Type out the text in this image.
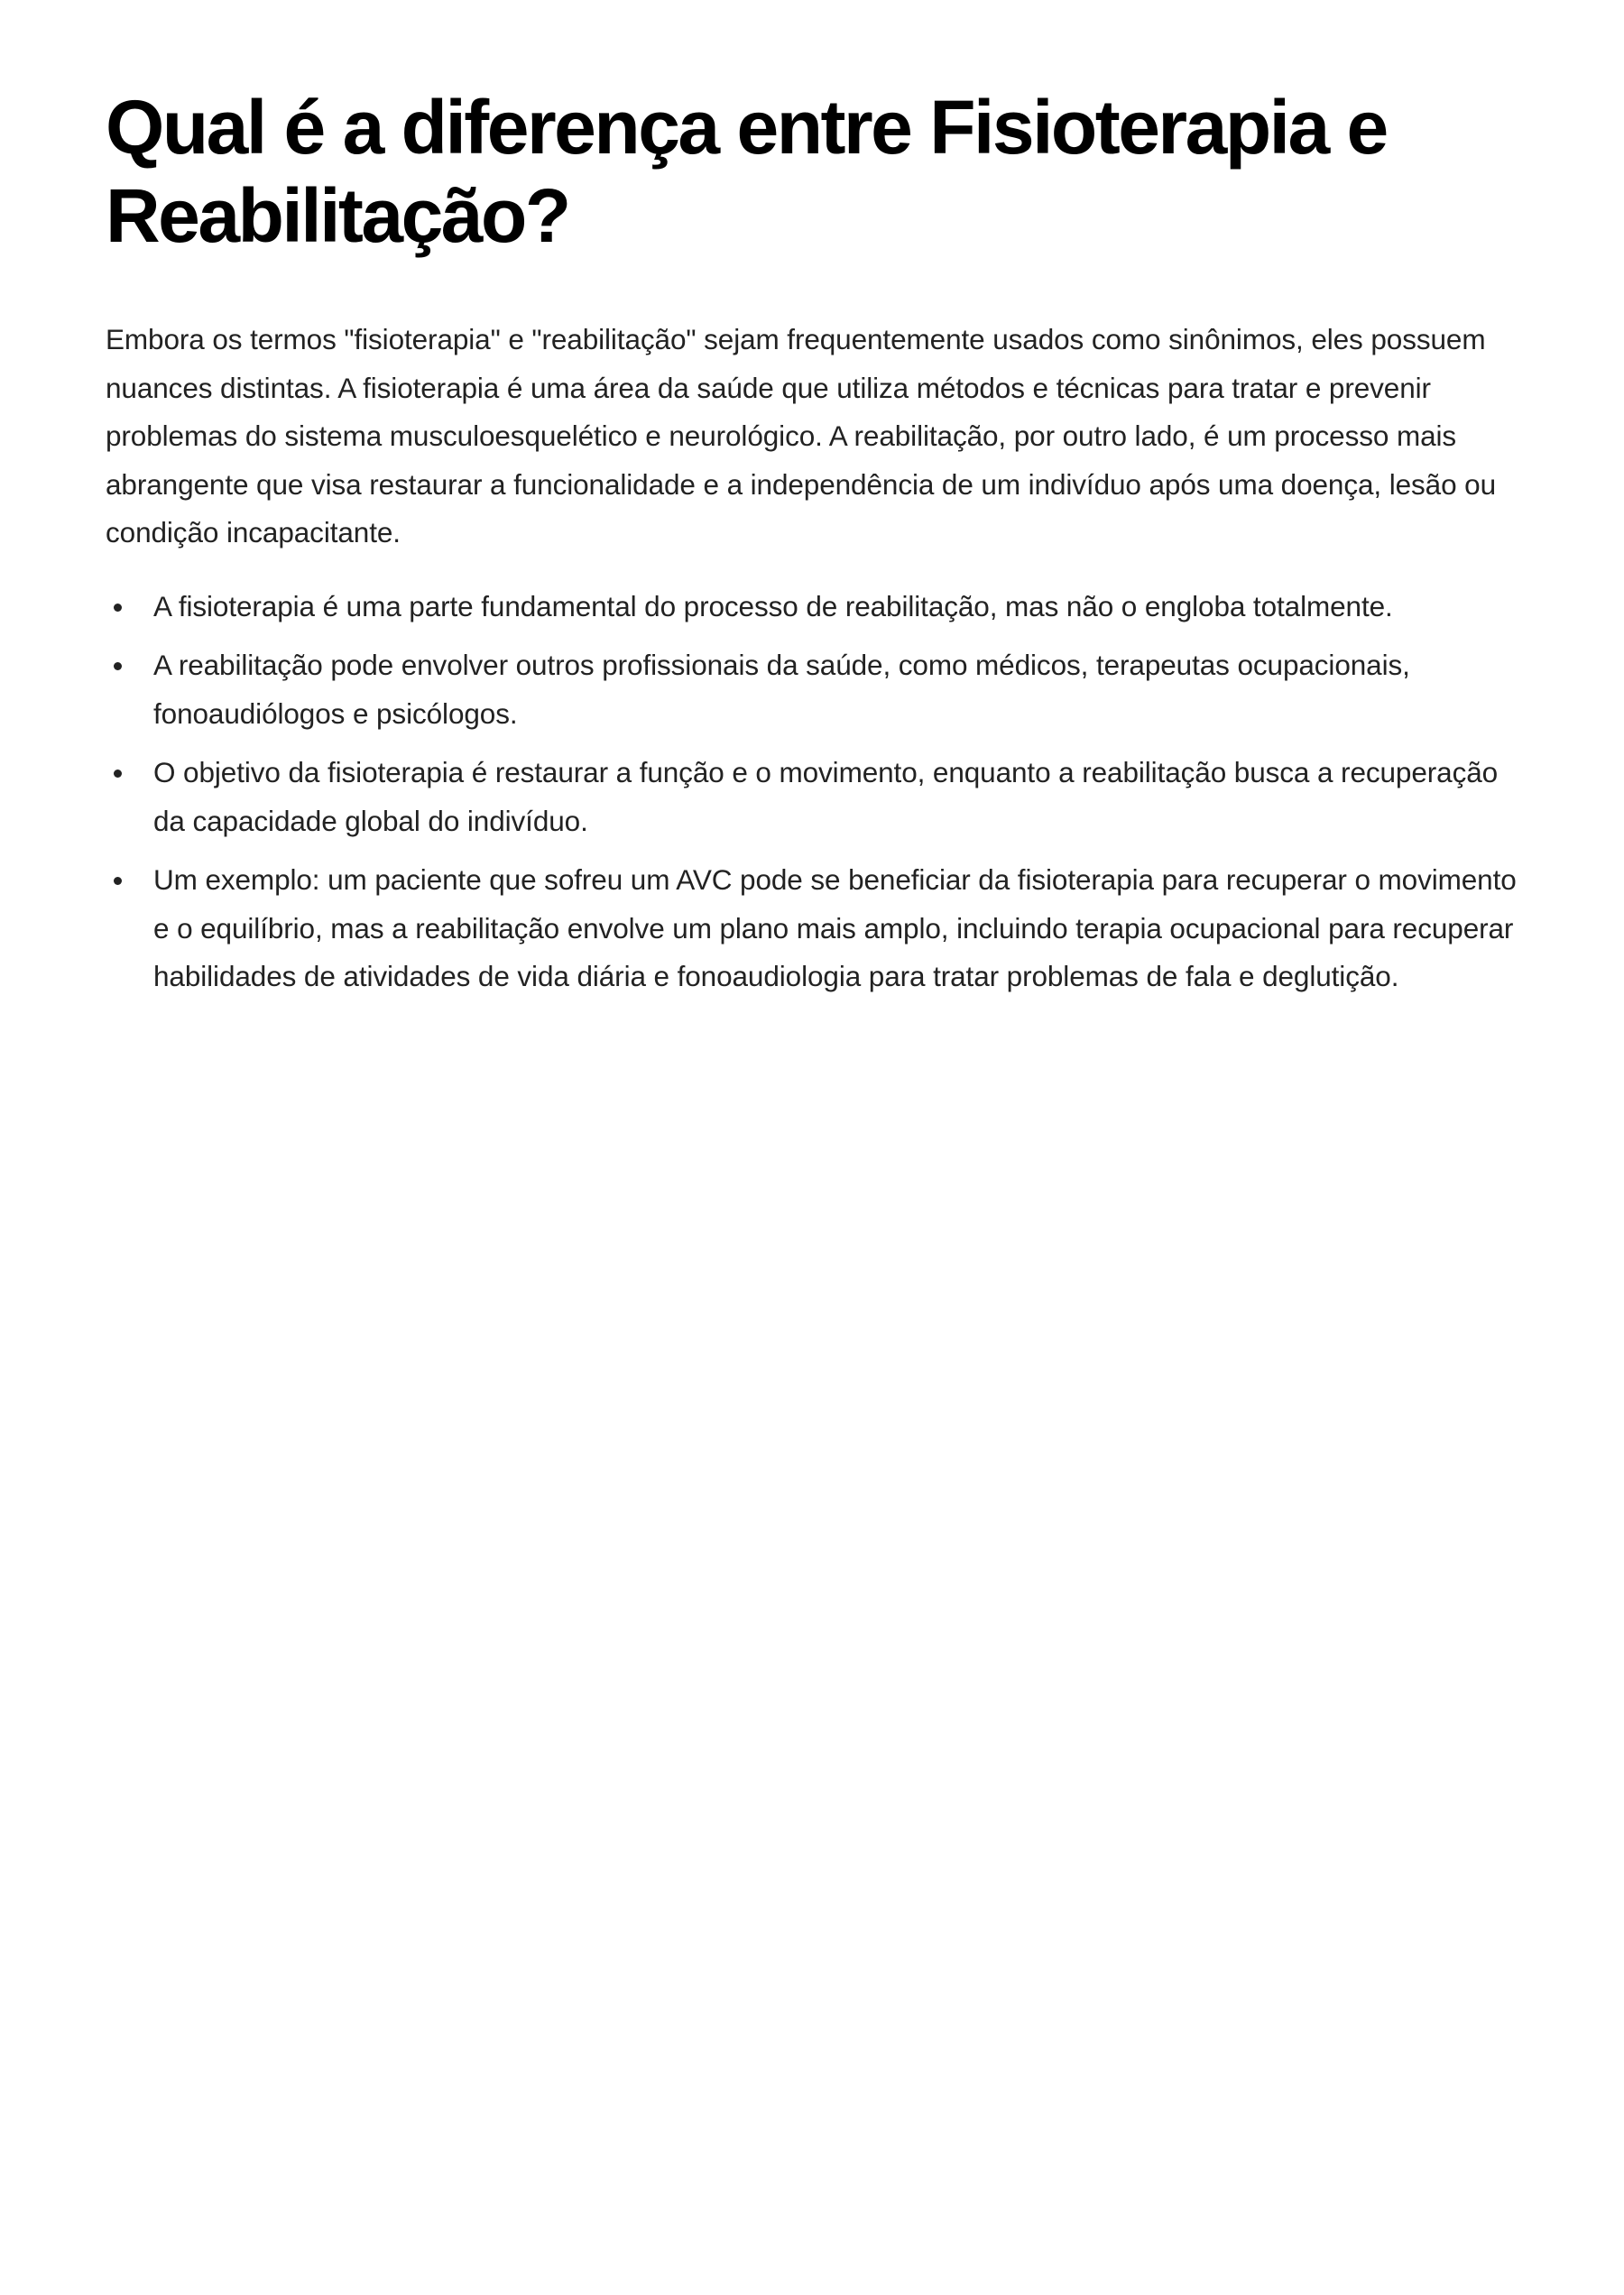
Qual é a diferença entre Fisioterapia e Reabilitação?

Embora os termos "fisioterapia" e "reabilitação" sejam frequentemente usados como sinônimos, eles possuem nuances distintas. A fisioterapia é uma área da saúde que utiliza métodos e técnicas para tratar e prevenir problemas do sistema musculoesquelético e neurológico. A reabilitação, por outro lado, é um processo mais abrangente que visa restaurar a funcionalidade e a independência de um indivíduo após uma doença, lesão ou condição incapacitante.

A fisioterapia é uma parte fundamental do processo de reabilitação, mas não o engloba totalmente.
A reabilitação pode envolver outros profissionais da saúde, como médicos, terapeutas ocupacionais, fonoaudiólogos e psicólogos.
O objetivo da fisioterapia é restaurar a função e o movimento, enquanto a reabilitação busca a recuperação da capacidade global do indivíduo.
Um exemplo: um paciente que sofreu um AVC pode se beneficiar da fisioterapia para recuperar o movimento e o equilíbrio, mas a reabilitação envolve um plano mais amplo, incluindo terapia ocupacional para recuperar habilidades de atividades de vida diária e fonoaudiologia para tratar problemas de fala e deglutição.
